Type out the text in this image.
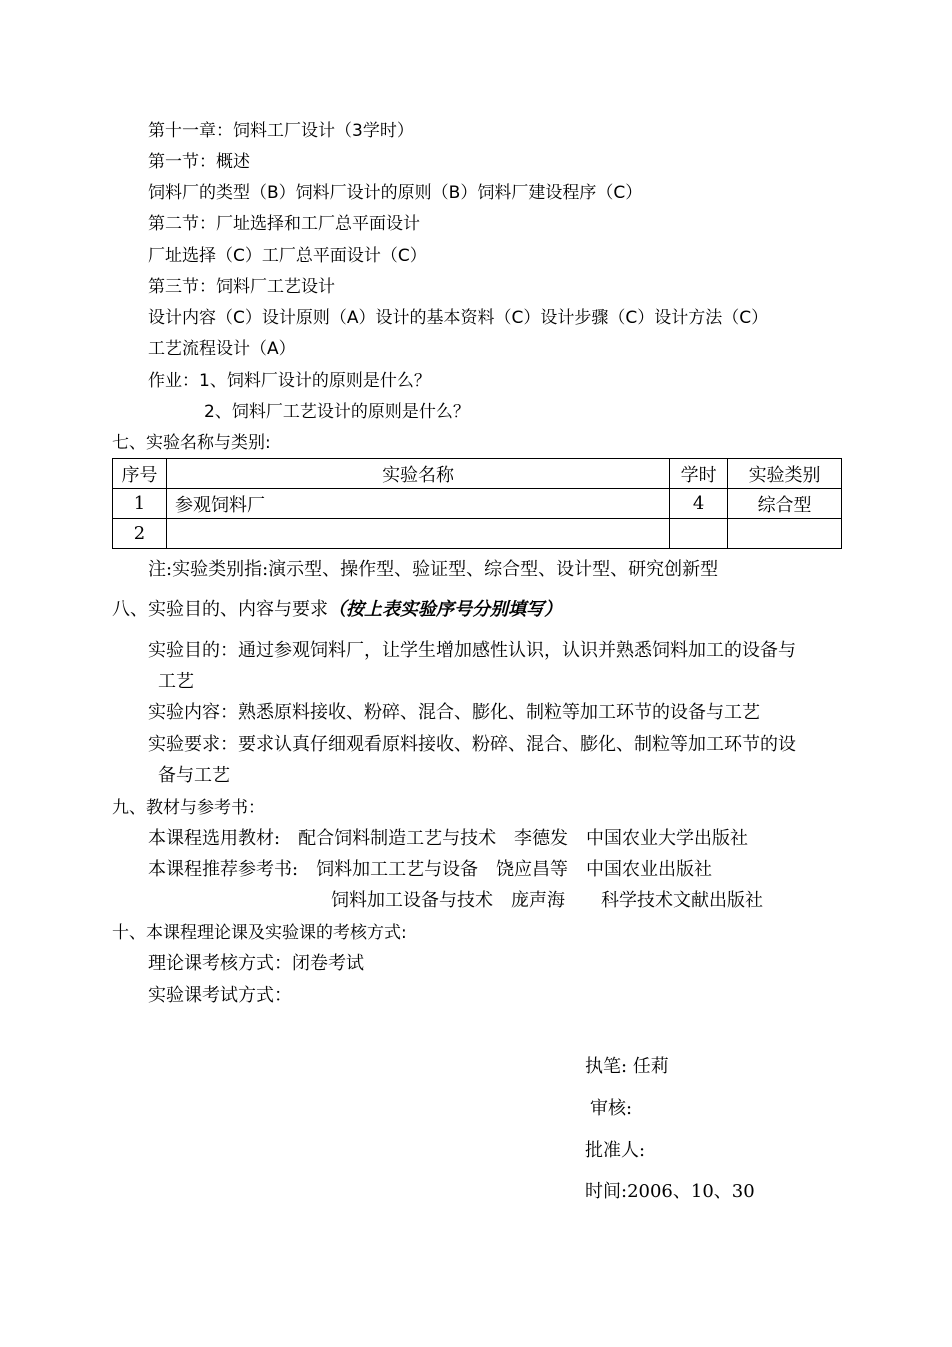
第十一章：饲料工厂设计（3学时）
第一节：概述
饲料厂的类型（B）饲料厂设计的原则（B）饲料厂建设程序（C）
第二节：厂址选择和工厂总平面设计
厂址选择（C）工厂总平面设计（C）
第三节：饲料厂工艺设计
设计内容（C）设计原则（A）设计的基本资料（C）设计步骤（C）设计方法（C）
工艺流程设计（A）
作业：1、饲料厂设计的原则是什么？
2、饲料厂工艺设计的原则是什么？
七、实验名称与类别:
序号	实验名称	学时	实验类别
1	参观饲料厂	4	综合型
2			
注:实验类别指:演示型、操作型、验证型、综合型、设计型、研究创新型
八、实验目的、内容与要求（按上表实验序号分别填写）
实验目的：通过参观饲料厂，让学生增加感性认识，认识并熟悉饲料加工的设备与
工艺
实验内容：熟悉原料接收、粉碎、混合、膨化、制粒等加工环节的设备与工艺
实验要求：要求认真仔细观看原料接收、粉碎、混合、膨化、制粒等加工环节的设
备与工艺
九、教材与参考书：
本课程选用教材:　配合饲料制造工艺与技术　李德发　中国农业大学出版社
本课程推荐参考书:　饲料加工工艺与设备　饶应昌等　中国农业出版社
饲料加工设备与技术　庞声海　　科学技术文献出版社
十、本课程理论课及实验课的考核方式:
理论课考核方式：闭卷考试
实验课考试方式：
执笔: 任莉
审核:
批准人:
时间:2006、10、30
